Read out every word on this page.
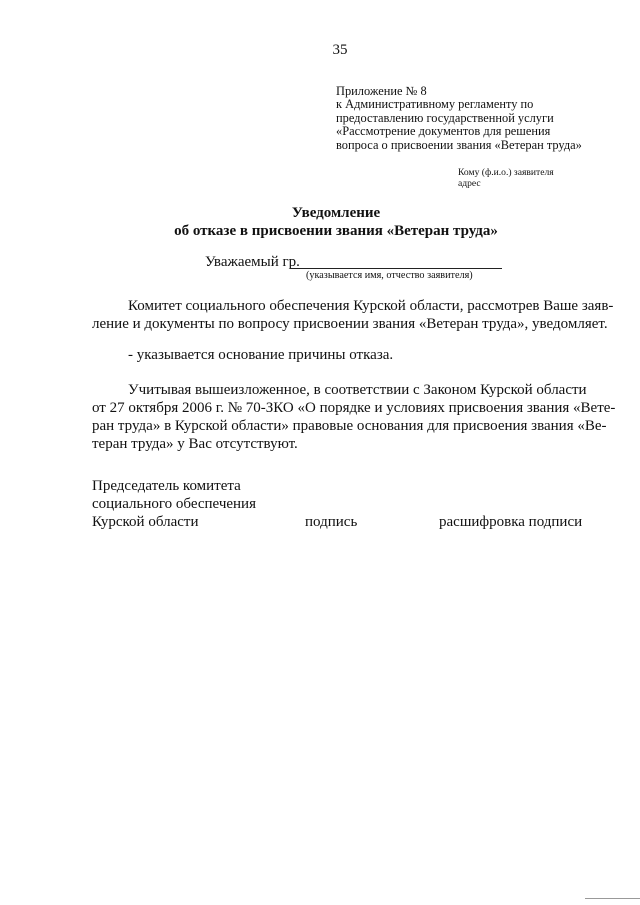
35
Приложение № 8
к Административному регламенту по
предоставлению государственной услуги
«Рассмотрение документов для решения
вопроса о присвоении звания «Ветеран труда»
Кому (ф.и.о.) заявителя
адрес
Уведомление
об отказе в присвоении звания «Ветеран труда»
Уважаемый гр.
(указывается имя, отчество заявителя)
Комитет социального обеспечения Курской области, рассмотрев Ваше заяв-
ление и документы по вопросу присвоении звания «Ветеран труда», уведомляет.
- указывается основание причины отказа.
Учитывая вышеизложенное, в соответствии с Законом Курской области
от 27 октября 2006 г. № 70-ЗКО «О порядке и условиях присвоения звания «Вете-
ран труда» в Курской области» правовые основания для присвоения звания «Ве-
теран труда» у Вас отсутствуют.
Председатель комитета
социального обеспечения
Курской области	подпись	расшифровка подписи
